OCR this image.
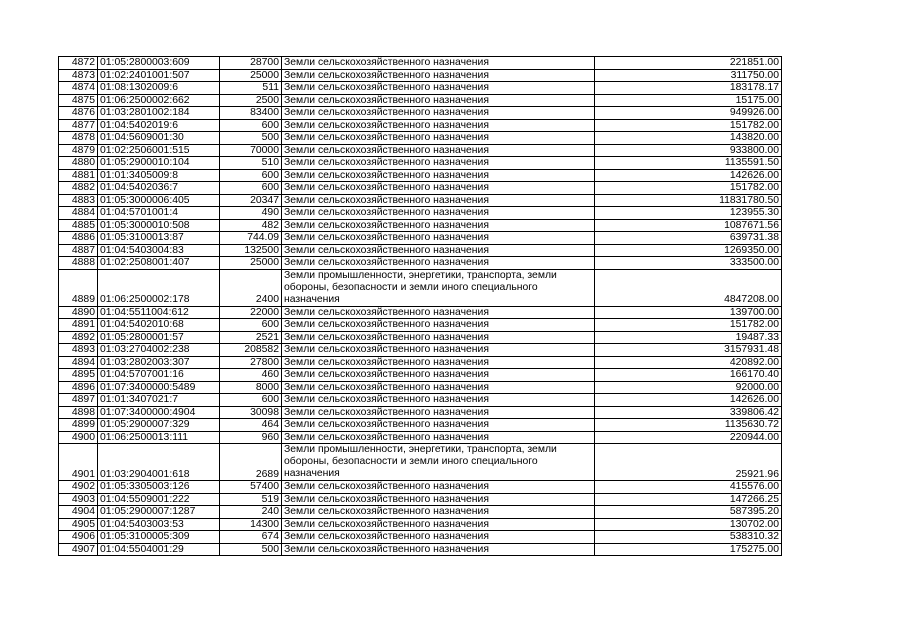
4872	01:05:2800003:609	28700	Земли сельскохозяйственного назначения	221851.00
4873	01:02:2401001:507	25000	Земли сельскохозяйственного назначения	311750.00
4874	01:08:1302009:6	511	Земли сельскохозяйственного назначения	183178.17
4875	01:06:2500002:662	2500	Земли сельскохозяйственного назначения	15175.00
4876	01:03:2801002:184	83400	Земли сельскохозяйственного назначения	949926.00
4877	01:04:5402019:6	600	Земли сельскохозяйственного назначения	151782.00
4878	01:04:5609001:30	500	Земли сельскохозяйственного назначения	143820.00
4879	01:02:2506001:515	70000	Земли сельскохозяйственного назначения	933800.00
4880	01:05:2900010:104	510	Земли сельскохозяйственного назначения	1135591.50
4881	01:01:3405009:8	600	Земли сельскохозяйственного назначения	142626.00
4882	01:04:5402036:7	600	Земли сельскохозяйственного назначения	151782.00
4883	01:05:3000006:405	20347	Земли сельскохозяйственного назначения	11831780.50
4884	01:04:5701001:4	490	Земли сельскохозяйственного назначения	123955.30
4885	01:05:3000010:508	482	Земли сельскохозяйственного назначения	1087671.56
4886	01:05:3100013:87	744.09	Земли сельскохозяйственного назначения	639731.38
4887	01:04:5403004:83	132500	Земли сельскохозяйственного назначения	1269350.00
4888	01:02:2508001:407	25000	Земли сельскохозяйственного назначения	333500.00
4889	01:06:2500002:178	2400	Земли промышленности, энергетики, транспорта, земли обороны, безопасности и земли иного специального назначения	4847208.00
4890	01:04:5511004:612	22000	Земли сельскохозяйственного назначения	139700.00
4891	01:04:5402010:68	600	Земли сельскохозяйственного назначения	151782.00
4892	01:05:2800001:57	2521	Земли сельскохозяйственного назначения	19487.33
4893	01:03:2704002:238	208582	Земли сельскохозяйственного назначения	3157931.48
4894	01:03:2802003:307	27800	Земли сельскохозяйственного назначения	420892.00
4895	01:04:5707001:16	460	Земли сельскохозяйственного назначения	166170.40
4896	01:07:3400000:5489	8000	Земли сельскохозяйственного назначения	92000.00
4897	01:01:3407021:7	600	Земли сельскохозяйственного назначения	142626.00
4898	01:07:3400000:4904	30098	Земли сельскохозяйственного назначения	339806.42
4899	01:05:2900007:329	464	Земли сельскохозяйственного назначения	1135630.72
4900	01:06:2500013:111	960	Земли сельскохозяйственного назначения	220944.00
4901	01:03:2904001:618	2689	Земли промышленности, энергетики, транспорта, земли обороны, безопасности и земли иного специального назначения	25921.96
4902	01:05:3305003:126	57400	Земли сельскохозяйственного назначения	415576.00
4903	01:04:5509001:222	519	Земли сельскохозяйственного назначения	147266.25
4904	01:05:2900007:1287	240	Земли сельскохозяйственного назначения	587395.20
4905	01:04:5403003:53	14300	Земли сельскохозяйственного назначения	130702.00
4906	01:05:3100005:309	674	Земли сельскохозяйственного назначения	538310.32
4907	01:04:5504001:29	500	Земли сельскохозяйственного назначения	175275.00
